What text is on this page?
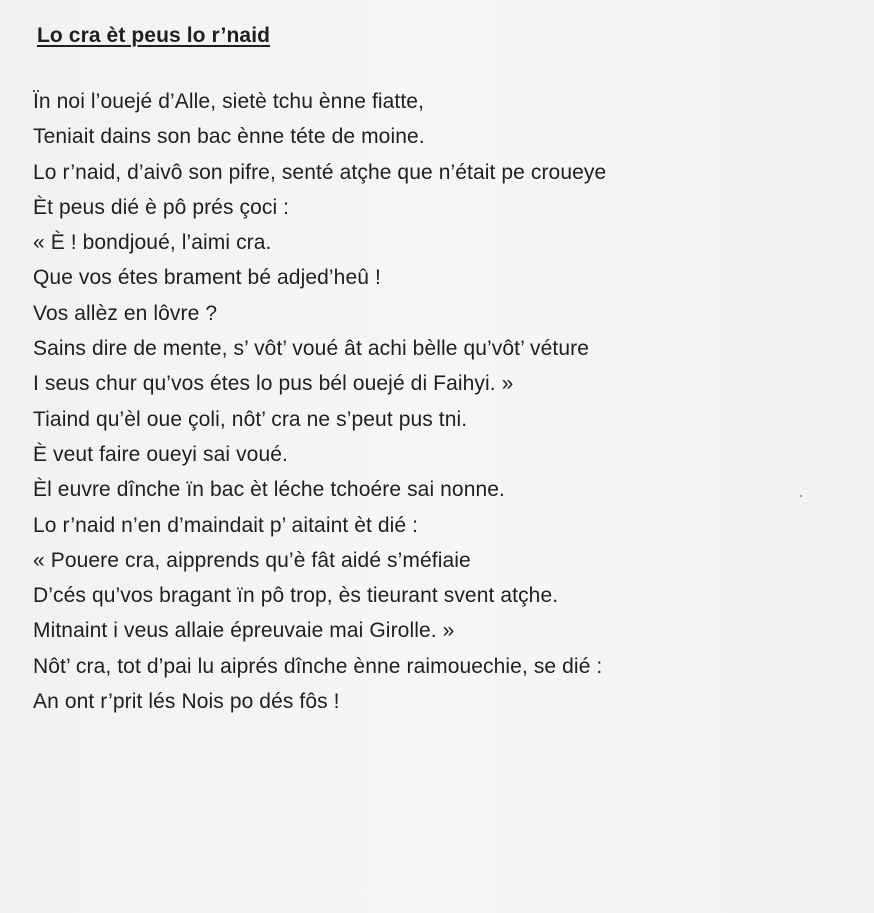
Lo cra èt peus lo r’naid
Ïn noi l’ouejé d’Alle, sietè tchu ènne fiatte,
Teniait dains son bac ènne téte de moine.
Lo r’naid, d’aivô son pifre, senté atçhe que n’était pe croueye
Èt peus dié è pô prés çoci :
« È ! bondjoué, l’aimi cra.
Que vos étes brament bé adjed’heû !
Vos allèz en lôvre ?
Sains dire de mente, s’ vôt’ voué ât achi bèlle qu’vôt’ véture
I seus chur qu’vos étes lo pus bél ouejé di Faihyi. »
Tiaind qu’èl oue çoli, nôt’ cra ne s’peut pus tni.
È veut faire oueyi sai voué.
Èl euvre dînche ïn bac èt léche tchoére sai nonne.
Lo r’naid n’en d’maindait p’ aitaint èt dié :
« Pouere cra, aipprends qu’è fât aidé s’méfiaie
D’cés qu’vos bragant ïn pô trop, ès tieurant svent atçhe.
Mitnaint i veus allaie épreuvaie mai Girolle. »
Nôt’ cra, tot d’pai lu aiprés dînche ènne raimouechie, se dié :
An ont r’prit lés Nois po dés fôs !
